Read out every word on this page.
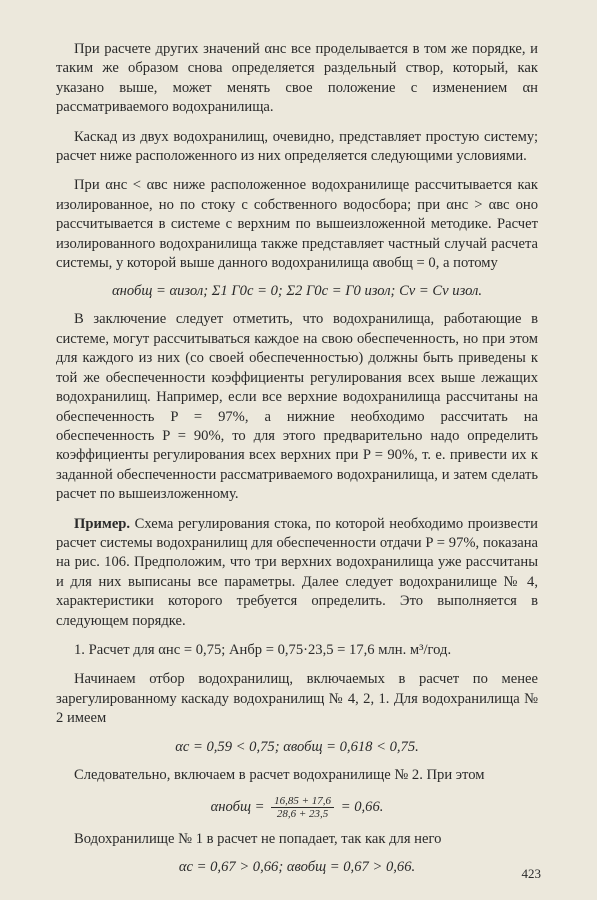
При расчете других значений αнс все проделывается в том же порядке, и таким же образом снова определяется раздельный створ, который, как указано выше, может менять свое положение с изменением αн рассматриваемого водохранилища.

Каскад из двух водохранилищ, очевидно, представляет простую систему; расчет ниже расположенного из них определяется следующими условиями.

При αнс < αвс ниже расположенное водохранилище рассчитывается как изолированное, но по стоку с собственного водосбора; при αнс > αвс оно рассчитывается в системе с верхним по вышеизложенной методике. Расчет изолированного водохранилища также представляет частный случай расчета системы, у которой выше данного водохранилища αвобщ = 0, а потому

αнобщ = αизол; Σ1 Г0с = 0; Σ2 Г0с = Г0 изол; Cv = Cv изол.

В заключение следует отметить, что водохранилища, работающие в системе, могут рассчитываться каждое на свою обеспеченность, но при этом для каждого из них (со своей обеспеченностью) должны быть приведены к той же обеспеченности коэффициенты регулирования всех выше лежащих водохранилищ. Например, если все верхние водохранилища рассчитаны на обеспеченность P = 97%, а нижние необходимо рассчитать на обеспеченность P = 90%, то для этого предварительно надо определить коэффициенты регулирования всех верхних при P = 90%, т. е. привести их к заданной обеспеченности рассматриваемого водохранилища, и затем сделать расчет по вышеизложенному.

Пример. Схема регулирования стока, по которой необходимо произвести расчет системы водохранилищ для обеспеченности отдачи P = 97%, показана на рис. 106. Предположим, что три верхних водохранилища уже рассчитаны и для них выписаны все параметры. Далее следует водохранилище № 4, характеристики которого требуется определить. Это выполняется в следующем порядке.

1. Расчет для αнс = 0,75; Aнбр = 0,75·23,5 = 17,6 млн. м³/год.

Начинаем отбор водохранилищ, включаемых в расчет по менее зарегулированному каскаду водохранилищ № 4, 2, 1. Для водохранилища № 2 имеем

αс = 0,59 < 0,75; αвобщ = 0,618 < 0,75.

Следовательно, включаем в расчет водохранилище № 2. При этом

αнобщ = $\frac{16,85 + 17,6}{28,6 + 23,5} = 0,66$.

Водохранилище № 1 в расчет не попадает, так как для него

αс = 0,67 > 0,66; αвобщ = 0,67 > 0,66.	423
